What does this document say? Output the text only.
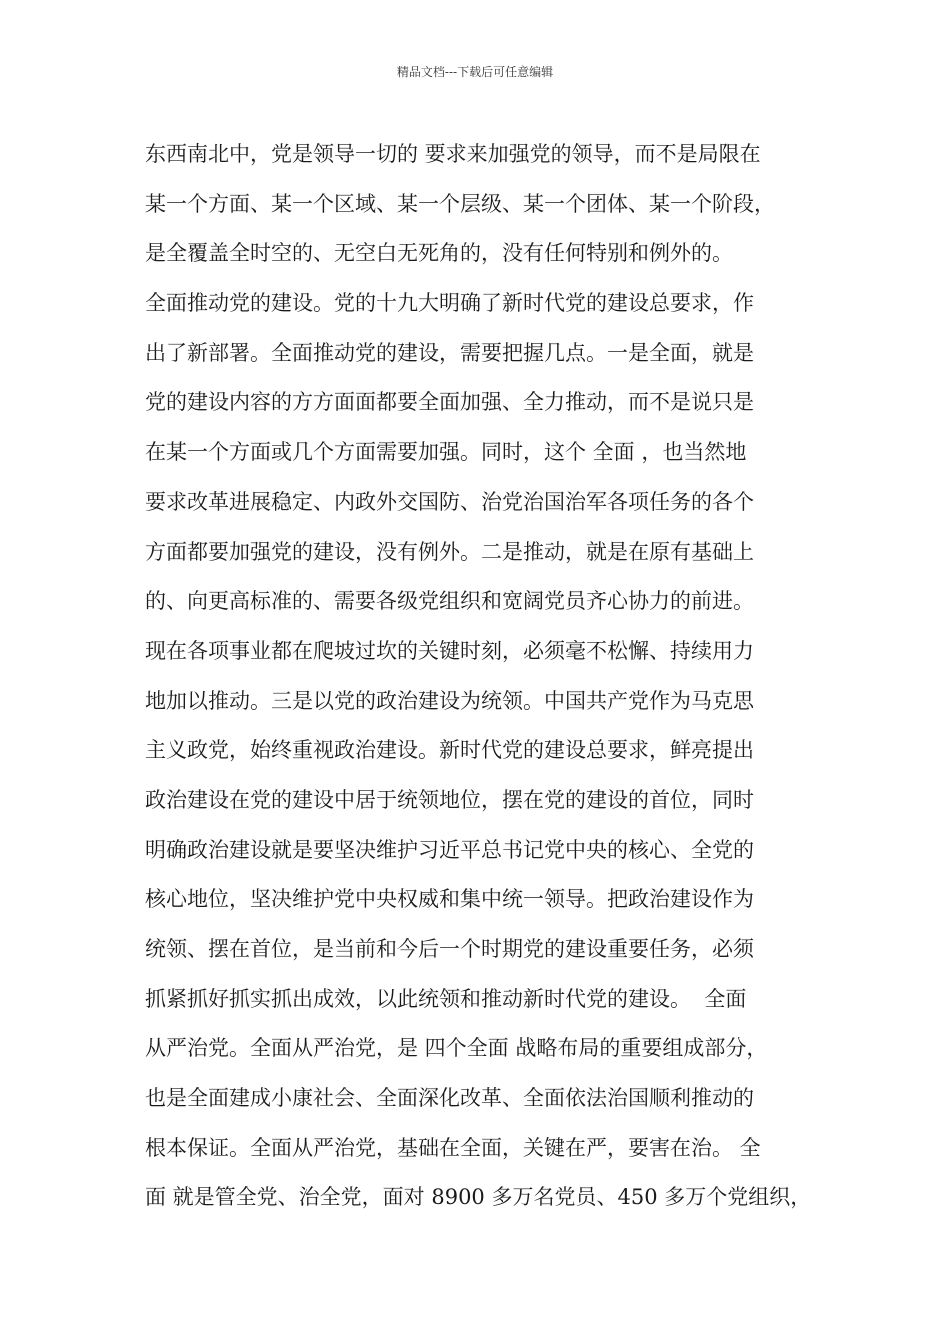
精品文档---下载后可任意编辑
东西南北中，党是领导一切的 要求来加强党的领导，而不是局限在
某一个方面、某一个区域、某一个层级、某一个团体、某一个阶段，
是全覆盖全时空的、无空白无死角的，没有任何特别和例外的。
全面推动党的建设。党的十九大明确了新时代党的建设总要求，作
出了新部署。全面推动党的建设，需要把握几点。一是全面，就是
党的建设内容的方方面面都要全面加强、全力推动，而不是说只是
在某一个方面或几个方面需要加强。同时，这个 全面 ，也当然地
要求改革进展稳定、内政外交国防、治党治国治军各项任务的各个
方面都要加强党的建设，没有例外。二是推动，就是在原有基础上
的、向更高标准的、需要各级党组织和宽阔党员齐心协力的前进。
现在各项事业都在爬坡过坎的关键时刻，必须毫不松懈、持续用力
地加以推动。三是以党的政治建设为统领。中国共产党作为马克思
主义政党，始终重视政治建设。新时代党的建设总要求，鲜亮提出
政治建设在党的建设中居于统领地位，摆在党的建设的首位，同时
明确政治建设就是要坚决维护习近平总书记党中央的核心、全党的
核心地位，坚决维护党中央权威和集中统一领导。把政治建设作为
统领、摆在首位，是当前和今后一个时期党的建设重要任务，必须
抓紧抓好抓实抓出成效，以此统领和推动新时代党的建设。  全面
从严治党。全面从严治党，是 四个全面 战略布局的重要组成部分，
也是全面建成小康社会、全面深化改革、全面依法治国顺利推动的
根本保证。全面从严治党，基础在全面，关键在严，要害在治。 全
面 就是管全党、治全党，面对 8900 多万名党员、450 多万个党组织，
